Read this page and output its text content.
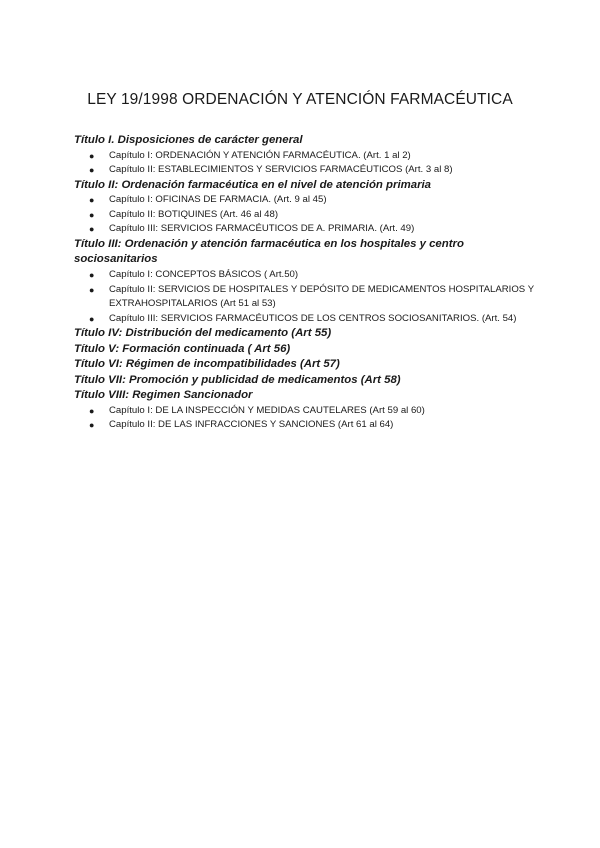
LEY 19/1998 ORDENACIÓN Y ATENCIÓN FARMACÉUTICA
Título I. Disposiciones de carácter general
● Capítulo I: ORDENACIÓN Y ATENCIÓN FARMACÉUTICA. (Art. 1 al 2)
● Capítulo II: ESTABLECIMIENTOS Y SERVICIOS FARMACÉUTICOS (Art. 3 al 8)
Título II: Ordenación farmacéutica en el nivel de atención primaria
● Capítulo I: OFICINAS DE FARMACIA. (Art. 9 al 45)
● Capítulo II: BOTIQUINES (Art. 46 al 48)
● Capítulo III: SERVICIOS FARMACÉUTICOS DE A. PRIMARIA. (Art. 49)
Título III: Ordenación y atención farmacéutica en los hospitales y centro sociosanitarios
● Capítulo I: CONCEPTOS BÁSICOS ( Art.50)
● Capítulo II: SERVICIOS DE HOSPITALES Y DEPÓSITO DE MEDICAMENTOS HOSPITALARIOS Y EXTRAHOSPITALARIOS (Art 51 al 53)
● Capítulo III: SERVICIOS FARMACÉUTICOS DE LOS CENTROS SOCIOSANITARIOS. (Art. 54)
Título IV: Distribución del medicamento (Art 55)
Título V: Formación continuada ( Art 56)
Título VI: Régimen de incompatibilidades (Art 57)
Título VII: Promoción y publicidad de medicamentos (Art 58)
Título VIII: Regimen Sancionador
● Capítulo I: DE LA INSPECCIÓN Y MEDIDAS CAUTELARES (Art 59 al 60)
● Capítulo II: DE LAS INFRACCIONES Y SANCIONES (Art 61 al 64)
